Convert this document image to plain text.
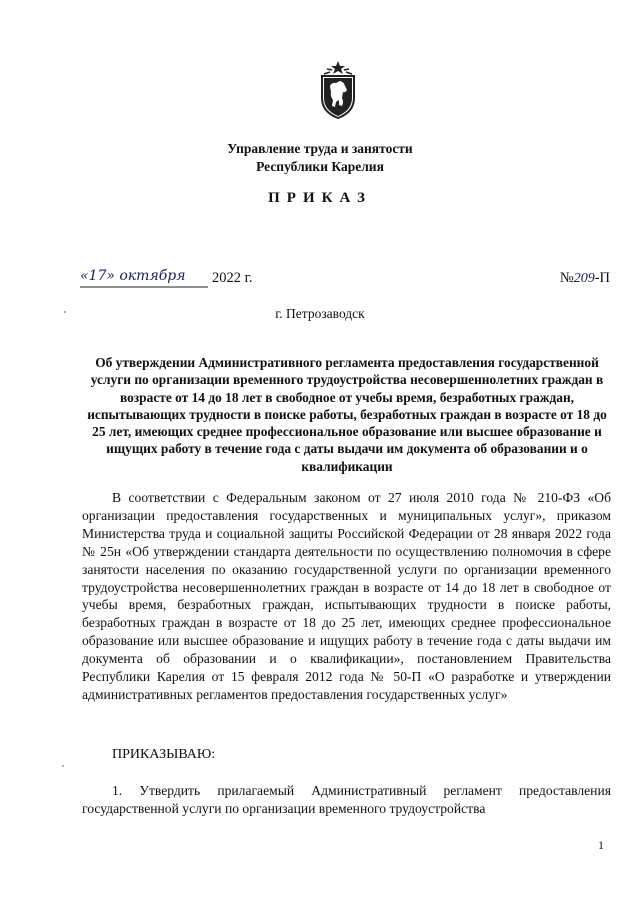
Управление труда и занятости
Республики Карелия
ПРИКАЗ
«17» октября 2022 г.	№209-П
г. Петрозаводск
Об утверждении Административного регламента предоставления государственной услуги по организации временного трудоустройства несовершеннолетних граждан в возрасте от 14 до 18 лет в свободное от учебы время, безработных граждан, испытывающих трудности в поиске работы, безработных граждан в возрасте от 18 до 25 лет, имеющих среднее профессиональное образование или высшее образование и ищущих работу в течение года с даты выдачи им документа об образовании и о квалификации

В соответствии с Федеральным законом от 27 июля 2010 года № 210-ФЗ «Об организации предоставления государственных и муниципальных услуг», приказом Министерства труда и социальной защиты Российской Федерации от 28 января 2022 года № 25н «Об утверждении стандарта деятельности по осуществлению полномочия в сфере занятости населения по оказанию государственной услуги по организации временного трудоустройства несовершеннолетних граждан в возрасте от 14 до 18 лет в свободное от учебы время, безработных граждан, испытывающих трудности в поиске работы, безработных граждан в возрасте от 18 до 25 лет, имеющих среднее профессиональное образование или высшее образование и ищущих работу в течение года с даты выдачи им документа об образовании и о квалификации», постановлением Правительства Республики Карелия от 15 февраля 2012 года № 50-П «О разработке и утверждении административных регламентов предоставления государственных услуг»

ПРИКАЗЫВАЮ:

1. Утвердить прилагаемый Административный регламент предоставления государственной услуги по организации временного трудоустройства

1
